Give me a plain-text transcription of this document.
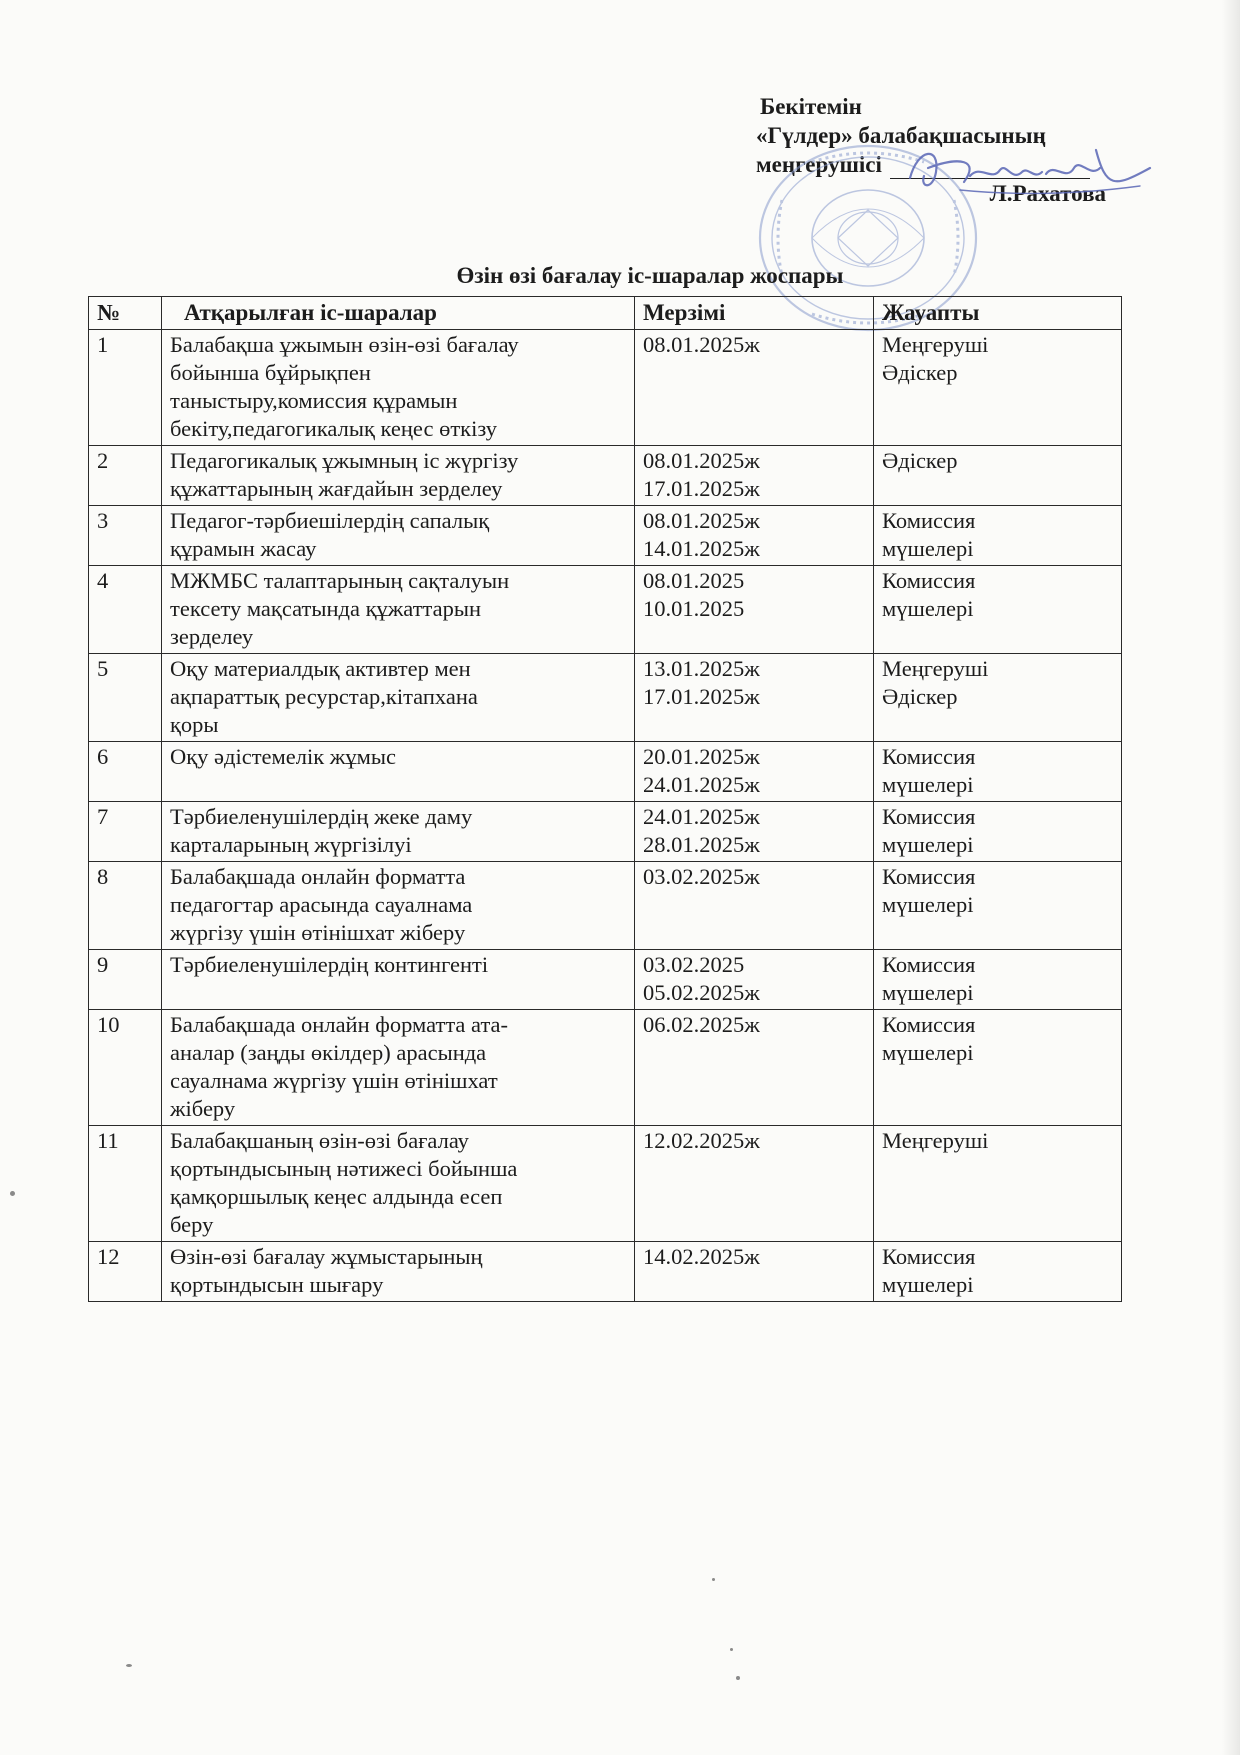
Бекітемін
«Гүлдер» балабақшасының
меңгерушісі
Л.Рахатова
Өзін өзі бағалау іс-шаралар жоспары
№	Атқарылған іс-шаралар	Мерзімі	Жауапты
1	Балабақша ұжымын өзін-өзі бағалау
бойынша бұйрықпен
таныстыру,комиссия құрамын
бекіту,педагогикалық кеңес өткізу	08.01.2025ж	Меңгеруші
Әдіскер

2	Педагогикалық ұжымның іс жүргізу
құжаттарының жағдайын зерделеу	08.01.2025ж
17.01.2025ж	Әдіскер

3	Педагог-тәрбиешілердің сапалық
құрамын жасау	08.01.2025ж
14.01.2025ж	Комиссия
мүшелері

4	МЖМБС талаптарының сақталуын
тексету мақсатында құжаттарын
зерделеу	08.01.2025
10.01.2025	Комиссия
мүшелері

5	Оқу материалдық активтер мен
ақпараттық ресурстар,кітапхана
қоры	13.01.2025ж
17.01.2025ж	Меңгеруші
Әдіскер

6	Оқу әдістемелік жұмыс	20.01.2025ж
24.01.2025ж	Комиссия
мүшелері

7	Тәрбиеленушілердің жеке даму
карталарының жүргізілуі	24.01.2025ж
28.01.2025ж	Комиссия
мүшелері

8	Балабақшада онлайн форматта
педагогтар арасында сауалнама
жүргізу үшін өтінішхат жіберу	03.02.2025ж	Комиссия
мүшелері

9	Тәрбиеленушілердің контингенті	03.02.2025
05.02.2025ж	Комиссия
мүшелері

10	Балабақшада онлайн форматта ата-
аналар (заңды өкілдер) арасында
сауалнама жүргізу үшін өтінішхат
жіберу	06.02.2025ж	Комиссия
мүшелері

11	Балабақшаның өзін-өзі бағалау
қортындысының нәтижесі бойынша
қамқоршылық кеңес алдында есеп
беру	12.02.2025ж	Меңгеруші

12	Өзін-өзі бағалау жұмыстарының
қортындысын шығару	14.02.2025ж	Комиссия
мүшелері
